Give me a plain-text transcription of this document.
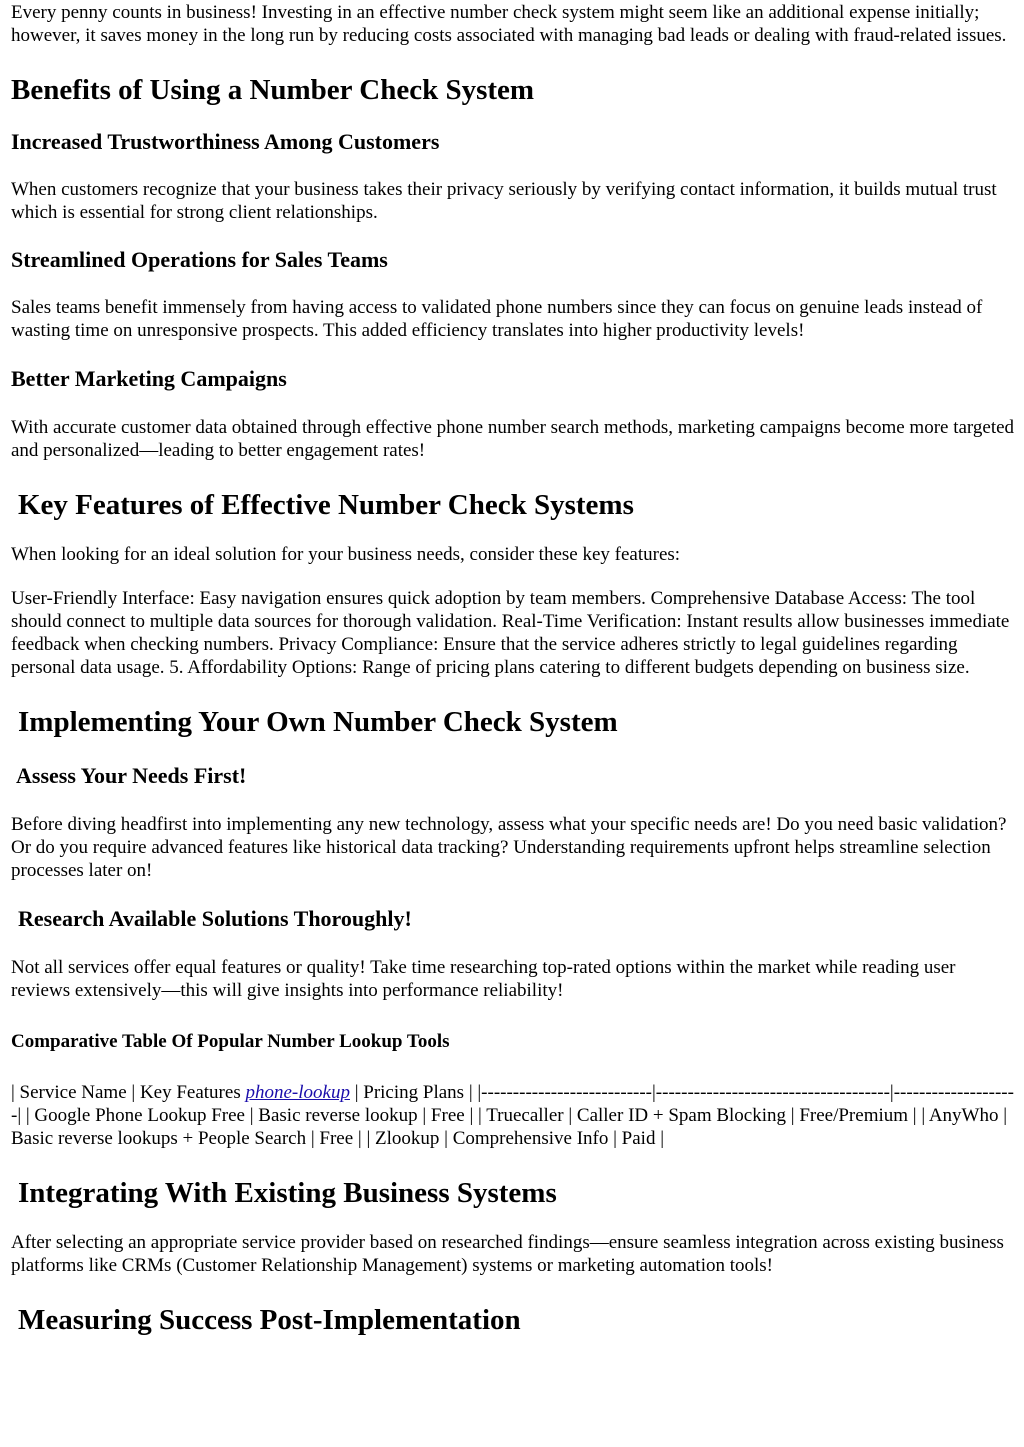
Every penny counts in business! Investing in an effective number check system might seem like an additional expense initially; however, it saves money in the long run by reducing costs associated with managing bad leads or dealing with fraud-related issues.

Benefits of Using a Number Check System
Increased Trustworthiness Among Customers

When customers recognize that your business takes their privacy seriously by verifying contact information, it builds mutual trust which is essential for strong client relationships.

Streamlined Operations for Sales Teams

Sales teams benefit immensely from having access to validated phone numbers since they can focus on genuine leads instead of wasting time on unresponsive prospects. This added efficiency translates into higher productivity levels!

Better Marketing Campaigns

With accurate customer data obtained through effective phone number search methods, marketing campaigns become more targeted and personalized—leading to better engagement rates!

Key Features of Effective Number Check Systems

When looking for an ideal solution for your business needs, consider these key features:

User-Friendly Interface: Easy navigation ensures quick adoption by team members. Comprehensive Database Access: The tool should connect to multiple data sources for thorough validation. Real-Time Verification: Instant results allow businesses immediate feedback when checking numbers. Privacy Compliance: Ensure that the service adheres strictly to legal guidelines regarding personal data usage. 5. Affordability Options: Range of pricing plans catering to different budgets depending on business size.

Implementing Your Own Number Check System
Assess Your Needs First!

Before diving headfirst into implementing any new technology, assess what your specific needs are! Do you need basic validation? Or do you require advanced features like historical data tracking? Understanding requirements upfront helps streamline selection processes later on!

Research Available Solutions Thoroughly!

Not all services offer equal features or quality! Take time researching top-rated options within the market while reading user reviews extensively—this will give insights into performance reliability!

Comparative Table Of Popular Number Lookup Tools

| Service Name | Key Features phone-lookup | Pricing Plans | |---------------------------|-------------------------------------|--------------------| | Google Phone Lookup Free | Basic reverse lookup | Free | | Truecaller | Caller ID + Spam Blocking | Free/Premium | | AnyWho | Basic reverse lookups + People Search | Free | | Zlookup | Comprehensive Info | Paid |

Integrating With Existing Business Systems

After selecting an appropriate service provider based on researched findings—ensure seamless integration across existing business platforms like CRMs (Customer Relationship Management) systems or marketing automation tools!

Measuring Success Post-Implementation
